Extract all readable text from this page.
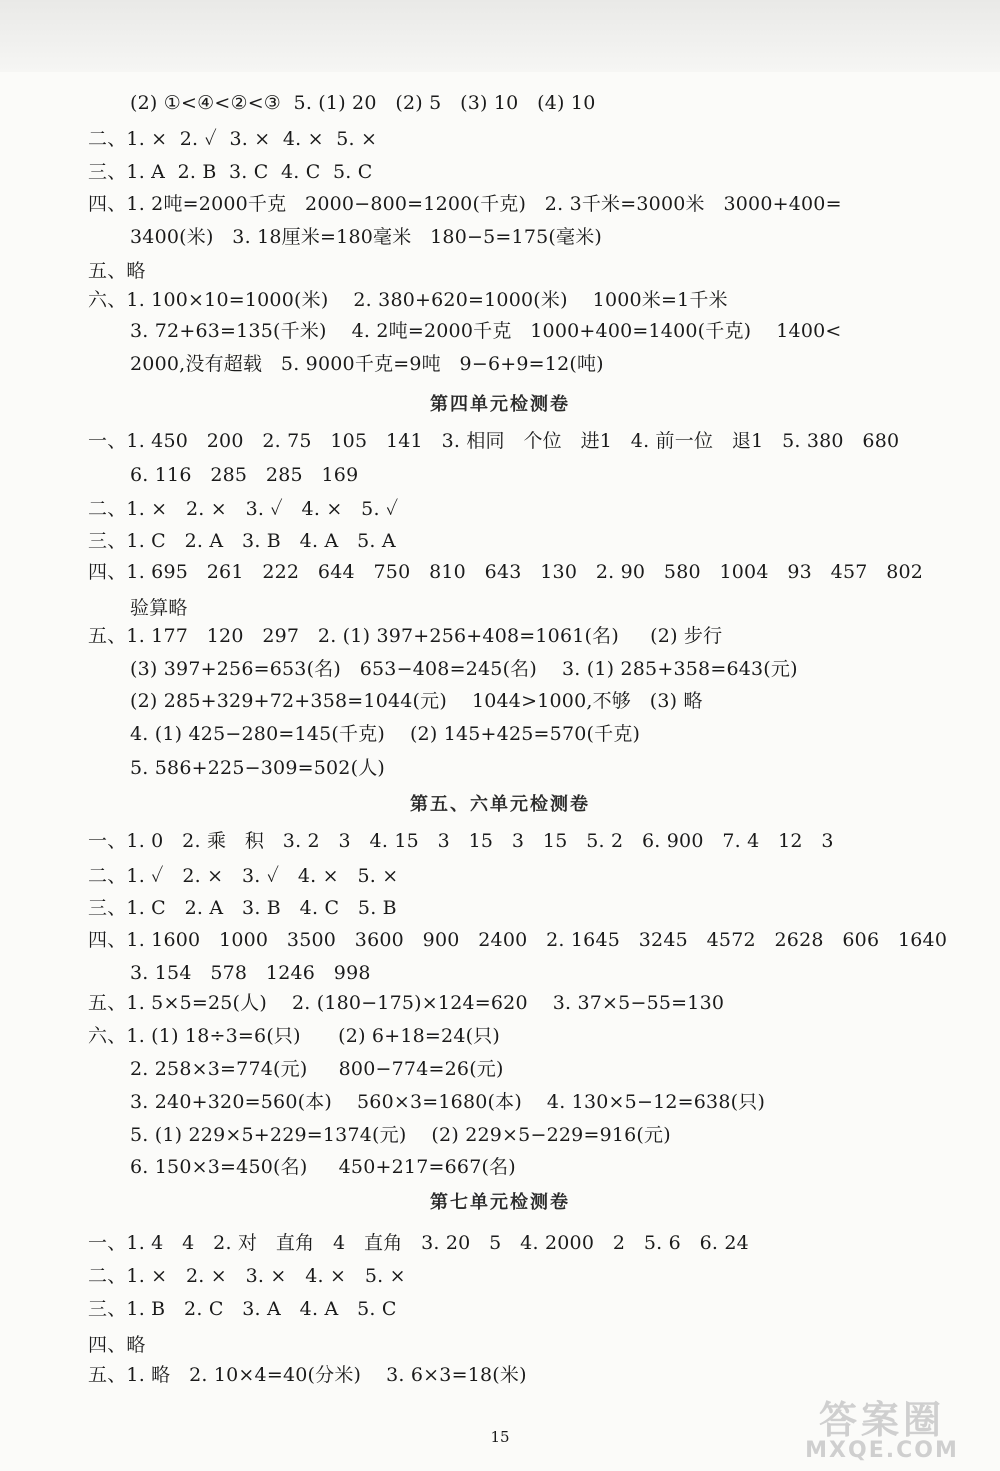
(2) ①<④<②<③  5. (1) 20   (2) 5   (3) 10   (4) 10
二、1. ×  2. ✓  3. ×  4. ×  5. ×
三、1. A  2. B  3. C  4. C  5. C
四、1. 2吨=2000千克   2000−800=1200(千克)   2. 3千米=3000米   3000+400=
3400(米)   3. 18厘米=180毫米   180−5=175(毫米)
五、略
六、1. 100×10=1000(米)    2. 380+620=1000(米)    1000米=1千米
3. 72+63=135(千米)    4. 2吨=2000千克   1000+400=1400(千克)    1400<
2000,没有超载   5. 9000千克=9吨   9−6+9=12(吨)
第四单元检测卷
一、1. 450   200   2. 75   105   141   3. 相同   个位   进1   4. 前一位   退1   5. 380   680
6. 116   285   285   169
二、1. ×   2. ×   3. ✓   4. ×   5. ✓
三、1. C   2. A   3. B   4. A   5. A
四、1. 695   261   222   644   750   810   643   130   2. 90   580   1004   93   457   802
验算略
五、1. 177   120   297   2. (1) 397+256+408=1061(名)     (2) 步行
(3) 397+256=653(名)   653−408=245(名)    3. (1) 285+358=643(元)
(2) 285+329+72+358=1044(元)    1044>1000,不够   (3) 略
4. (1) 425−280=145(千克)    (2) 145+425=570(千克)
5. 586+225−309=502(人)
第五、六单元检测卷
一、1. 0   2. 乘   积   3. 2   3   4. 15   3   15   3   15   5. 2   6. 900   7. 4   12   3
二、1. ✓   2. ×   3. ✓   4. ×   5. ×
三、1. C   2. A   3. B   4. C   5. B
四、1. 1600   1000   3500   3600   900   2400   2. 1645   3245   4572   2628   606   1640
3. 154   578   1246   998
五、1. 5×5=25(人)    2. (180−175)×124=620    3. 37×5−55=130
六、1. (1) 18÷3=6(只)      (2) 6+18=24(只)
2. 258×3=774(元)     800−774=26(元)
3. 240+320=560(本)    560×3=1680(本)    4. 130×5−12=638(只)
5. (1) 229×5+229=1374(元)    (2) 229×5−229=916(元)
6. 150×3=450(名)     450+217=667(名)
第七单元检测卷
一、1. 4   4   2. 对   直角   4   直角   3. 20   5   4. 2000   2   5. 6   6. 24
二、1. ×   2. ×   3. ×   4. ×   5. ×
三、1. B   2. C   3. A   4. A   5. C
四、略
五、1. 略   2. 10×4=40(分米)    3. 6×3=18(米)
15	答案圈
MXQE.COM
